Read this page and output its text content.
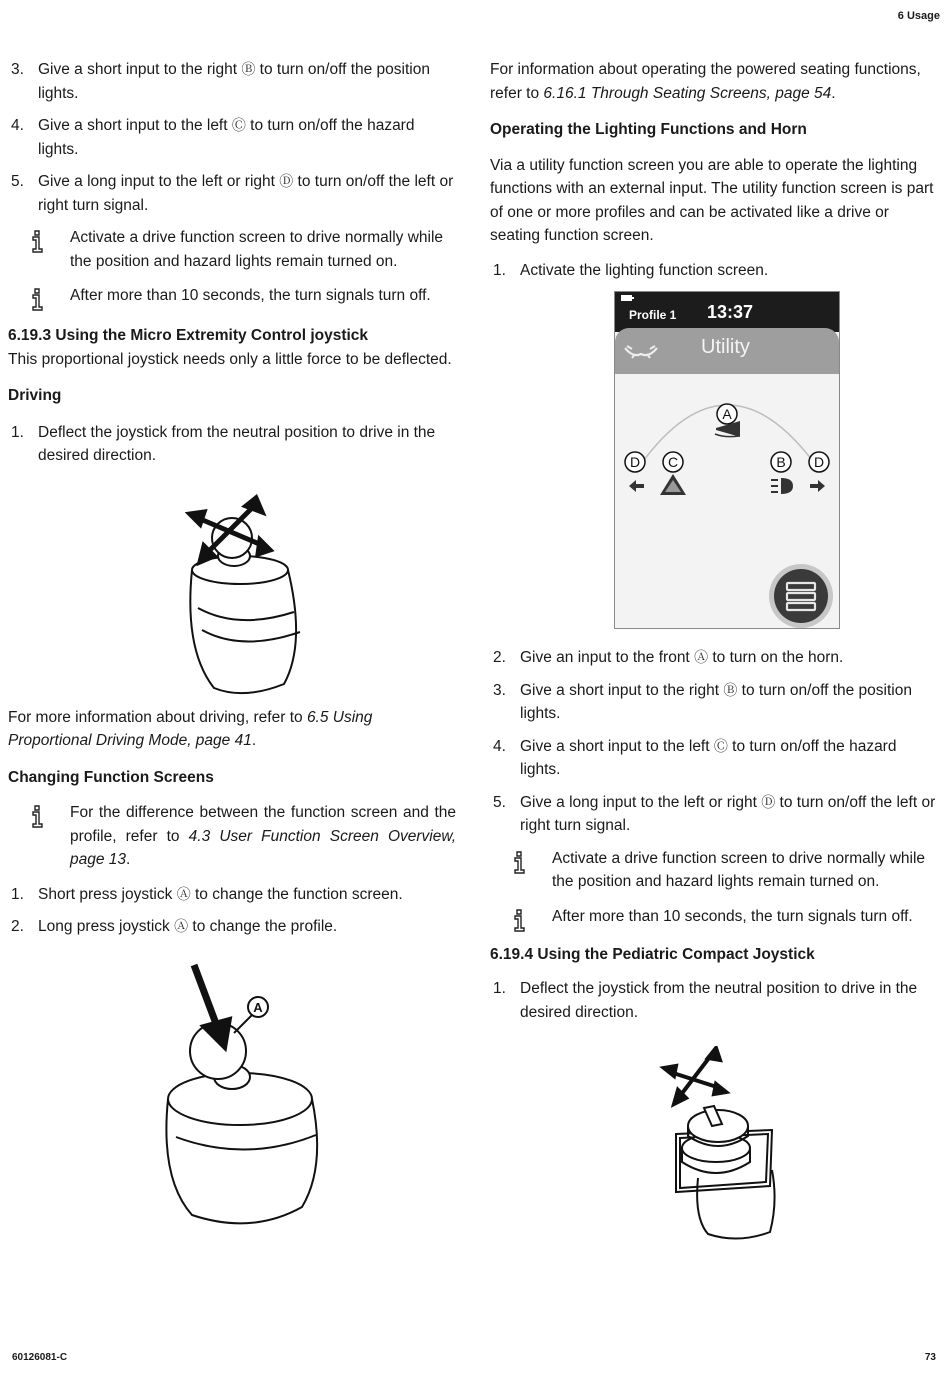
6 Usage
3. Give a short input to the right Ⓑ to turn on/off the position lights.
4. Give a short input to the left Ⓒ to turn on/off the hazard lights.
5. Give a long input to the left or right Ⓓ to turn on/off the left or right turn signal.
Activate a drive function screen to drive normally while the position and hazard lights remain turned on.
After more than 10 seconds, the turn signals turn off.
6.19.3 Using the Micro Extremity Control joystick

This proportional joystick needs only a little force to be deflected.

Driving
1. Deflect the joystick from the neutral position to drive in the desired direction.

For more information about driving, refer to 6.5 Using Proportional Driving Mode, page 41.

Changing Function Screens
For the difference between the function screen and the profile, refer to 4.3 User Function Screen Overview, page 13.
1. Short press joystick Ⓐ to change the function screen.
2. Long press joystick Ⓐ to change the profile.
A

For information about operating the powered seating functions, refer to 6.16.1 Through Seating Screens, page 54.

Operating the Lighting Functions and Horn

Via a utility function screen you are able to operate the lighting functions with an external input. The utility function screen is part of one or more profiles and can be activated like a drive or seating function screen.

1. Activate the lighting function screen.
Profile 1 13:37
Utility
A
D C	B D
2. Give an input to the front Ⓐ to turn on the horn.
3. Give a short input to the right Ⓑ to turn on/off the position lights.
4. Give a short input to the left Ⓒ to turn on/off the hazard lights.
5. Give a long input to the left or right Ⓓ to turn on/off the left or right turn signal.
Activate a drive function screen to drive normally while the position and hazard lights remain turned on.
After more than 10 seconds, the turn signals turn off.
6.19.4 Using the Pediatric Compact Joystick
1. Deflect the joystick from the neutral position to drive in the desired direction.
60126081-C	73
